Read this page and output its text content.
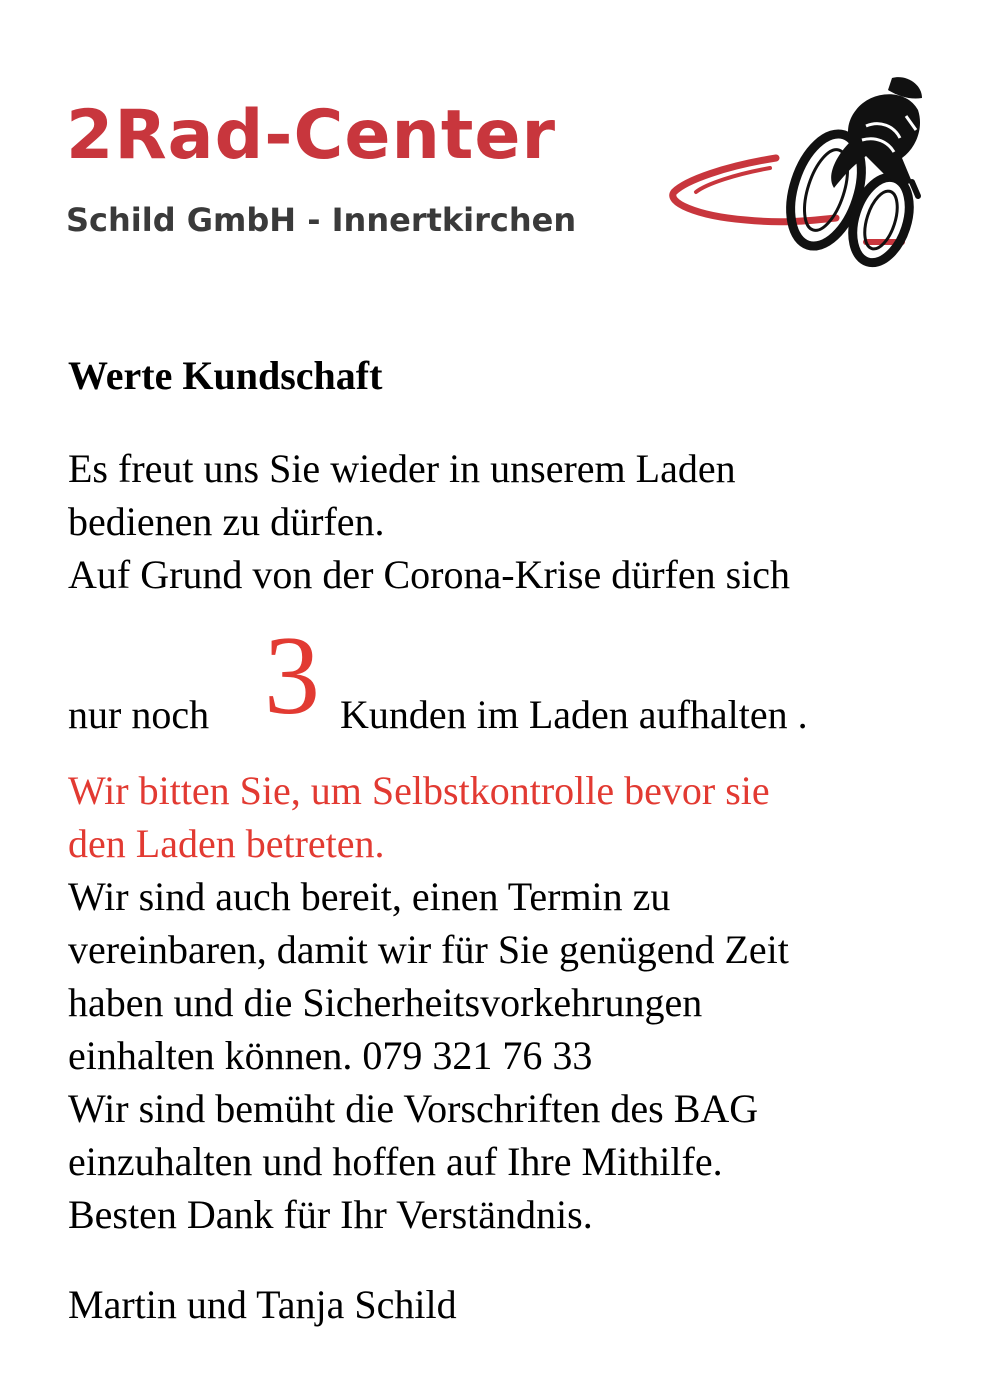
2Rad-Center
Schild GmbH - Innertkirchen
Werte Kundschaft
Es freut uns Sie wieder in unserem Laden
bedienen zu dürfen.
Auf Grund von der Corona-Krise dürfen sich
nur noch 3 Kunden im Laden aufhalten .
Wir bitten Sie, um Selbstkontrolle bevor sie
den Laden betreten.
Wir sind auch bereit, einen Termin zu
vereinbaren, damit wir für Sie genügend Zeit
haben und die Sicherheitsvorkehrungen
einhalten können. 079 321 76 33
Wir sind bemüht die Vorschriften des BAG
einzuhalten und hoffen auf Ihre Mithilfe.
Besten Dank für Ihr Verständnis.
Martin und Tanja Schild
